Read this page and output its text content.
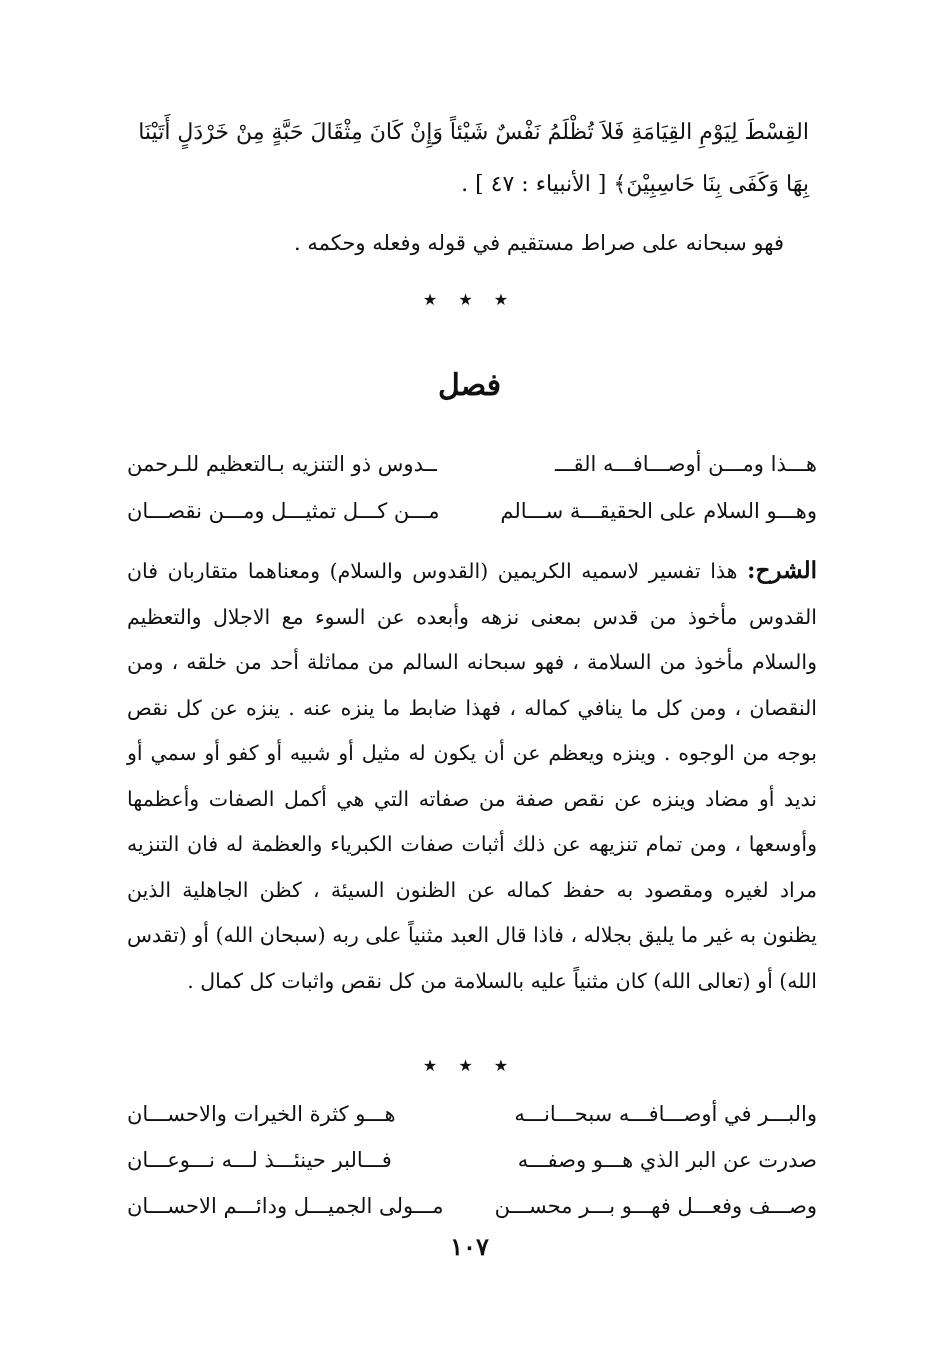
القِسْطَ لِيَوْمِ القِيَامَةِ فَلاَ تُظْلَمُ نَفْسٌ شَيْئاً وَإِنْ كَانَ مِثْقَالَ حَبَّةٍ مِنْ خَرْدَلٍ أَتَيْنَا
بِهَا وَكَفَى بِنَا حَاسِبِيْنَ﴾ [ الأنبياء : ٤٧ ] .
فهو سبحانه على صراط مستقيم في قوله وفعله وحكمه .
★ ★ ★
فصل
هـــذا ومـــن أوصـــافـــه القـــ
ــدوس ذو التنزيه بـالتعظيم للـرحمن
وهـــو السلام على الحقيقـــة ســـالم
مـــن كـــل تمثيـــل ومـــن نقصـــان
الشرح: هذا تفسير لاسميه الكريمين (القدوس والسلام) ومعناهما متقاربان فان القدوس مأخوذ من قدس بمعنى نزهه وأبعده عن السوء مع الاجلال والتعظيم والسلام مأخوذ من السلامة ، فهو سبحانه السالم من مماثلة أحد من خلقه ، ومن النقصان ، ومن كل ما ينافي كماله ، فهذا ضابط ما ينزه عنه . ينزه عن كل نقص بوجه من الوجوه . وينزه ويعظم عن أن يكون له مثيل أو شبيه أو كفو أو سمي أو نديد أو مضاد وينزه عن نقص صفة من صفاته التي هي أكمل الصفات وأعظمها وأوسعها ، ومن تمام تنزيهه عن ذلك أثبات صفات الكبرياء والعظمة له فان التنزيه مراد لغيره ومقصود به حفظ كماله عن الظنون السيئة ، كظن الجاهلية الذين يظنون به غير ما يليق بجلاله ، فاذا قال العبد مثنياً على ربه (سبحان الله) أو (تقدس الله) أو (تعالى الله) كان مثنياً عليه بالسلامة من كل نقص واثبات كل كمال .
★ ★ ★
والبـــر في أوصـــافـــه سبحـــانـــه
هـــو كثرة الخيرات والاحســـان
صدرت عن البر الذي هـــو وصفـــه
فـــالبر حينئـــذ لـــه نـــوعـــان
وصـــف وفعـــل فهـــو بـــر محســـن
مـــولى الجميـــل ودائـــم الاحســـان
١٠٧
